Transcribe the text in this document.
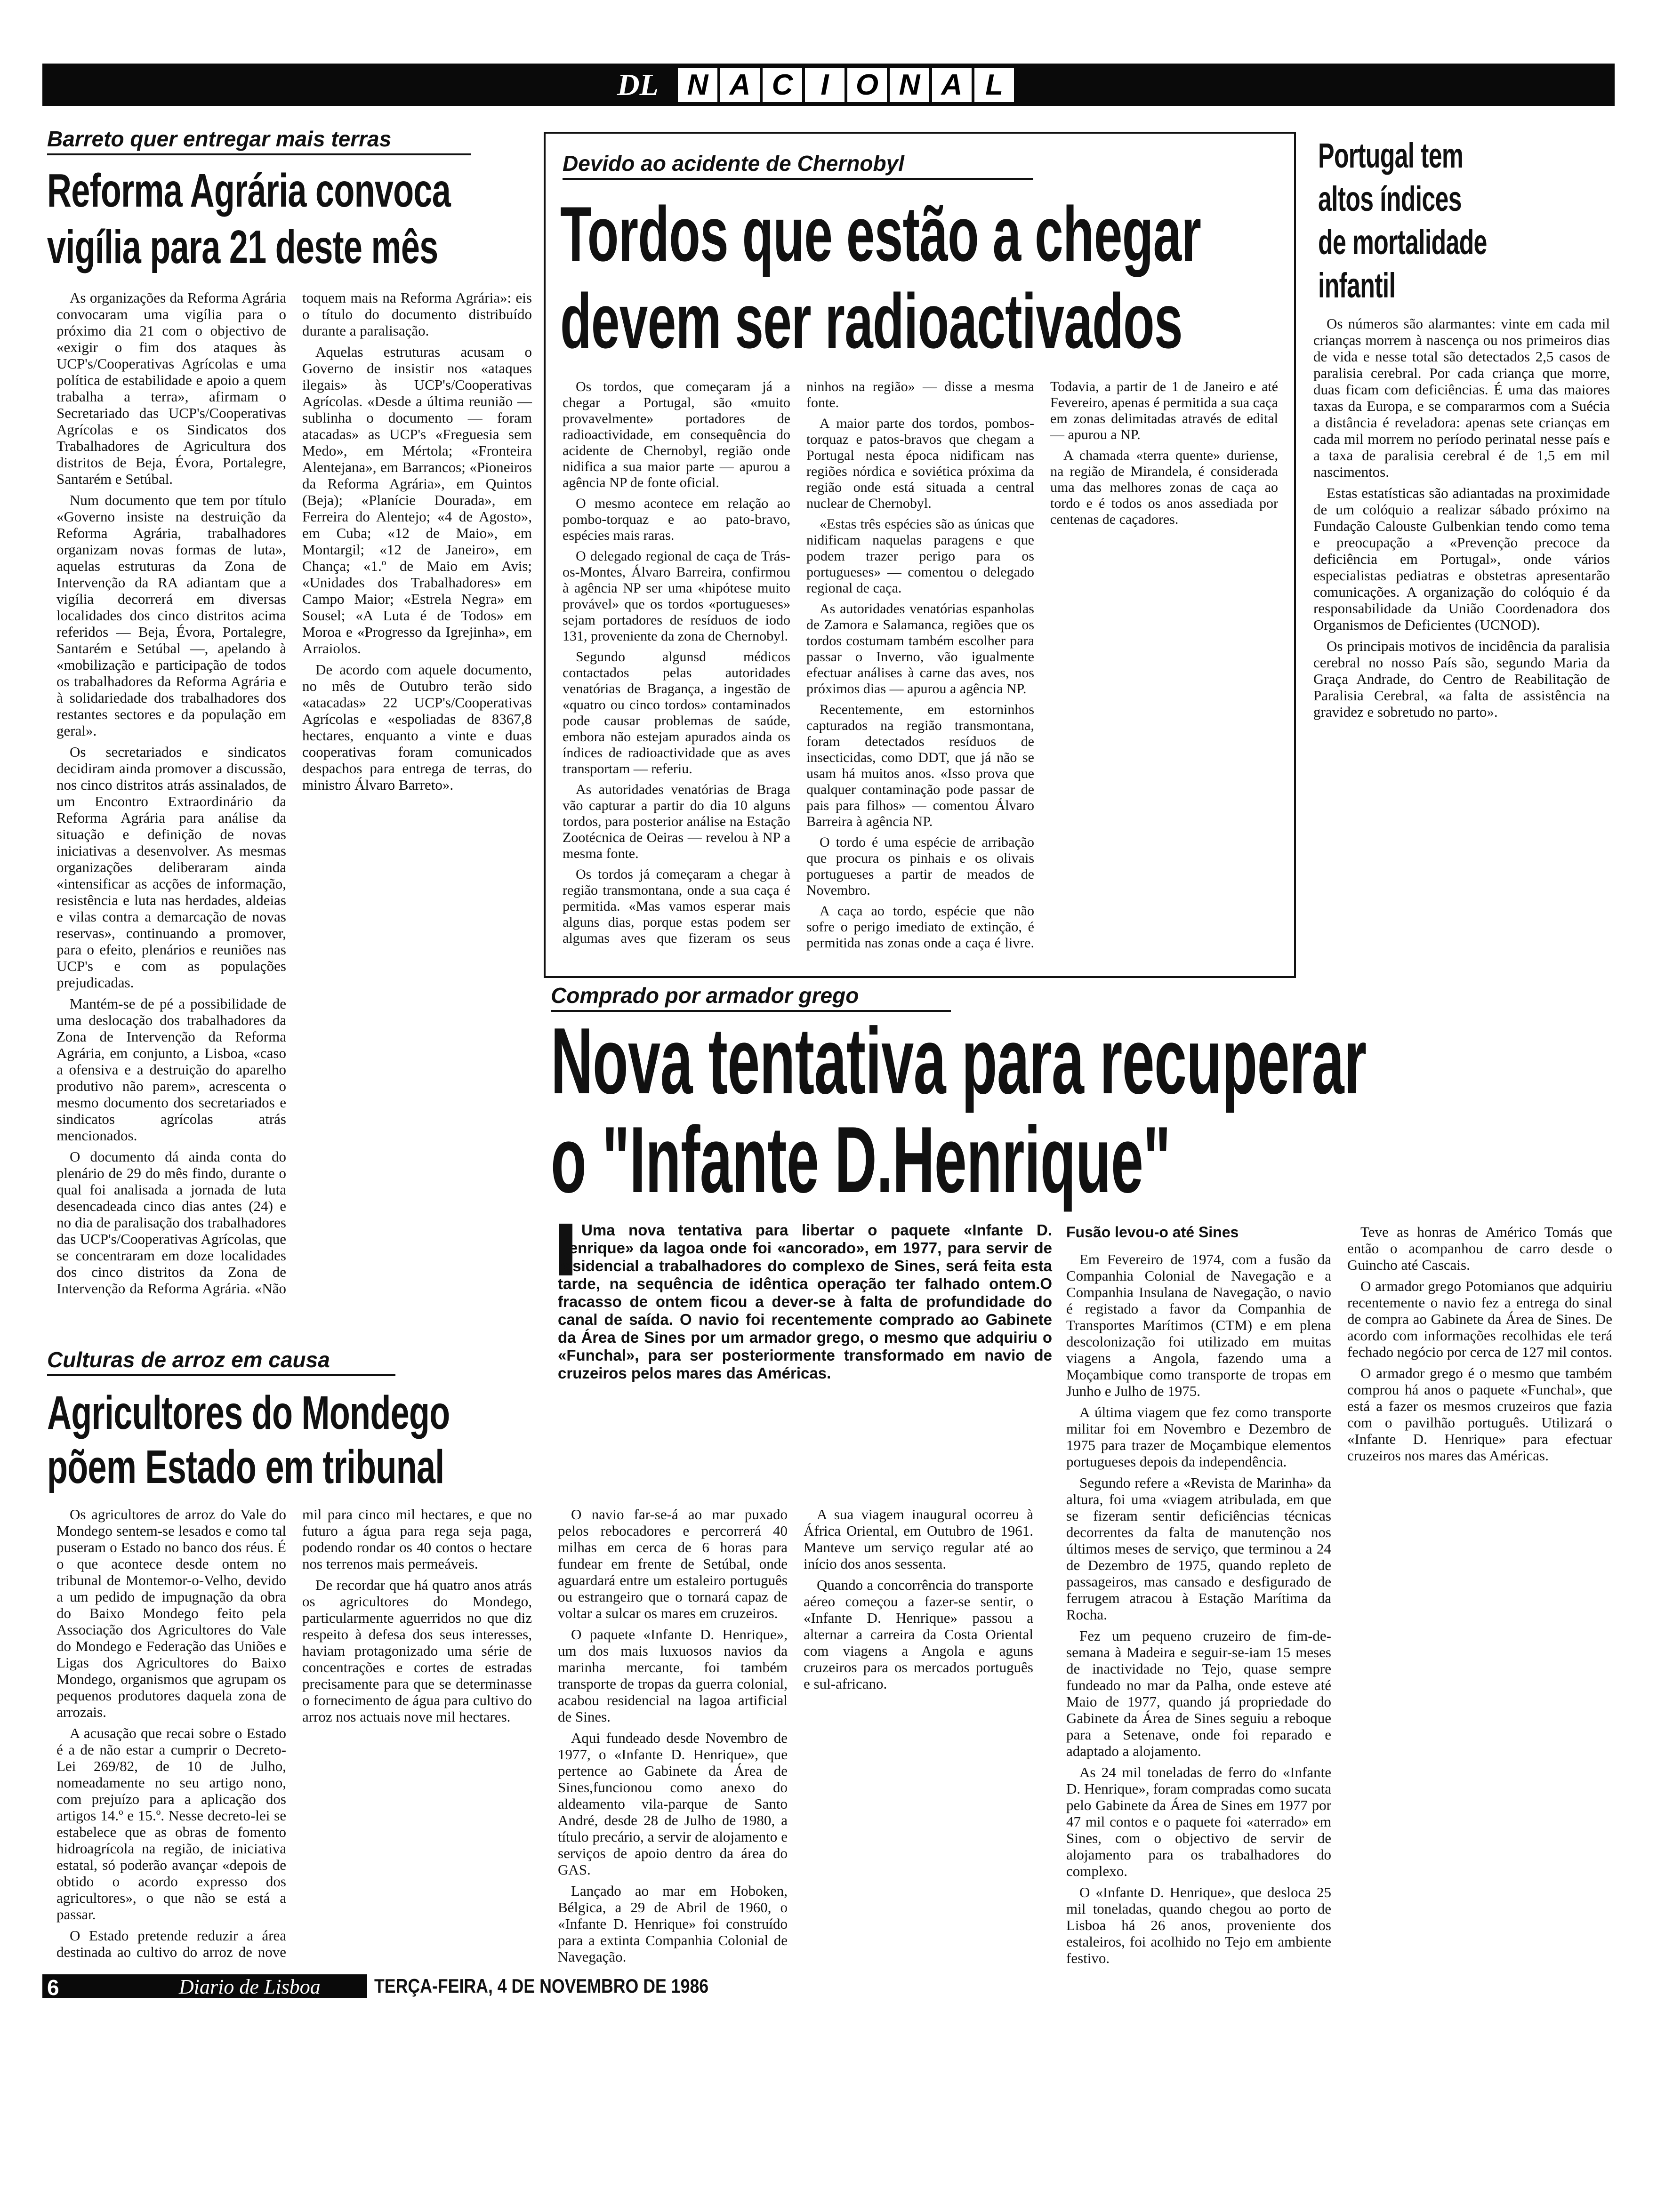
DL N A C I O N A L
Barreto quer entregar mais terras
Reforma Agrária convoca
vigília para 21 deste mês

As organizações da Reforma Agrária convocaram uma vigília para o próximo dia 21 com o objectivo de «exigir o fim dos ataques às UCP's/Cooperativas Agrícolas e uma política de estabilidade e apoio a quem trabalha a terra», afirmam o Secretariado das UCP's/Cooperativas Agrícolas e os Sindicatos dos Trabalhadores de Agricultura dos distritos de Beja, Évora, Portalegre, Santarém e Setúbal.

Num documento que tem por título «Governo insiste na destruição da Reforma Agrária, trabalhadores organizam novas formas de luta», aquelas estruturas da Zona de Intervenção da RA adiantam que a vigília decorrerá em diversas localidades dos cinco distritos acima referidos — Beja, Évora, Portalegre, Santarém e Setúbal —, apelando à «mobilização e participação de todos os trabalhadores da Reforma Agrária e à solidariedade dos trabalhadores dos restantes sectores e da população em geral».

Os secretariados e sindicatos decidiram ainda promover a discussão, nos cinco distritos atrás assinalados, de um Encontro Extraordinário da Reforma Agrária para análise da situação e definição de novas iniciativas a desenvolver. As mesmas organizações deliberaram ainda «intensificar as acções de informação, resistência e luta nas herdades, aldeias e vilas contra a demarcação de novas reservas», continuando a promover, para o efeito, plenários e reuniões nas UCP's e com as populações prejudicadas.

Mantém-se de pé a possibilidade de uma deslocação dos trabalhadores da Zona de Intervenção da Reforma Agrária, em conjunto, a Lisboa, «caso a ofensiva e a destruição do aparelho produtivo não parem», acrescenta o mesmo documento dos secretariados e sindicatos agrícolas atrás mencionados.

O documento dá ainda conta do plenário de 29 do mês findo, durante o qual foi analisada a jornada de luta desencadeada cinco dias antes (24) e no dia de paralisação dos trabalhadores das UCP's/Cooperativas Agrícolas, que se concentraram em doze localidades dos cinco distritos da Zona de Intervenção da Reforma Agrária. «Não toquem mais na Reforma Agrária»: eis o título do documento distribuído durante a paralisação.

Aquelas estruturas acusam o Governo de insistir nos «ataques ilegais» às UCP's/Cooperativas Agrícolas. «Desde a última reunião — sublinha o documento — foram atacadas» as UCP's «Freguesia sem Medo», em Mértola; «Fronteira Alentejana», em Barrancos; «Pioneiros da Reforma Agrária», em Quintos (Beja); «Planície Dourada», em Ferreira do Alentejo; «4 de Agosto», em Cuba; «12 de Maio», em Montargil; «12 de Janeiro», em Chança; «1.º de Maio em Avis; «Unidades dos Trabalhadores» em Campo Maior; «Estrela Negra» em Sousel; «A Luta é de Todos» em Moroa e «Progresso da Igrejinha», em Arraiolos.

De acordo com aquele documento, no mês de Outubro terão sido «atacadas» 22 UCP's/Cooperativas Agrícolas e «espoliadas de 8367,8 hectares, enquanto a vinte e duas cooperativas foram comunicados despachos para entrega de terras, do ministro Álvaro Barreto».

Culturas de arroz em causa
Agricultores do Mondego
põem Estado em tribunal

Os agricultores de arroz do Vale do Mondego sentem-se lesados e como tal puseram o Estado no banco dos réus. É o que acontece desde ontem no tribunal de Montemor-o-Velho, devido a um pedido de impugnação da obra do Baixo Mondego feito pela Associação dos Agricultores do Vale do Mondego e Federação das Uniões e Ligas dos Agricultores do Baixo Mondego, organismos que agrupam os pequenos produtores daquela zona de arrozais.

A acusação que recai sobre o Estado é a de não estar a cumprir o Decreto-Lei 269/82, de 10 de Julho, nomeadamente no seu artigo nono, com prejuízo para a aplicação dos artigos 14.º e 15.º. Nesse decreto-lei se estabelece que as obras de fomento hidroagrícola na região, de iniciativa estatal, só poderão avançar «depois de obtido o acordo expresso dos agricultores», o que não se está a passar.

O Estado pretende reduzir a área destinada ao cultivo do arroz de nove mil para cinco mil hectares, e que no futuro a água para rega seja paga, podendo rondar os 40 contos o hectare nos terrenos mais permeáveis.

De recordar que há quatro anos atrás os agricultores do Mondego, particularmente aguerridos no que diz respeito à defesa dos seus interesses, haviam protagonizado uma série de concentrações e cortes de estradas precisamente para que se determinasse o fornecimento de água para cultivo do arroz nos actuais nove mil hectares.

Devido ao acidente de Chernobyl
Tordos que estão a chegar
devem ser radioactivados

Os tordos, que começaram já a chegar a Portugal, são «muito provavelmente» portadores de radioactividade, em consequência do acidente de Chernobyl, região onde nidifica a sua maior parte — apurou a agência NP de fonte oficial.

O mesmo acontece em relação ao pombo-torquaz e ao pato-bravo, espécies mais raras.

O delegado regional de caça de Trás-os-Montes, Álvaro Barreira, confirmou à agência NP ser uma «hipótese muito provável» que os tordos «portugueses» sejam portadores de resíduos de iodo 131, proveniente da zona de Chernobyl.

Segundo algunsd médicos contactados pelas autoridades venatórias de Bragança, a ingestão de «quatro ou cinco tordos» contaminados pode causar problemas de saúde, embora não estejam apurados ainda os índices de radioactividade que as aves transportam — referiu.

As autoridades venatórias de Braga vão capturar a partir do dia 10 alguns tordos, para posterior análise na Estação Zootécnica de Oeiras — revelou à NP a mesma fonte.

Os tordos já começaram a chegar à região transmontana, onde a sua caça é permitida. «Mas vamos esperar mais alguns dias, porque estas podem ser algumas aves que fizeram os seus ninhos na região» — disse a mesma fonte.

A maior parte dos tordos, pombos-torquaz e patos-bravos que chegam a Portugal nesta época nidificam nas regiões nórdica e soviética próxima da região onde está situada a central nuclear de Chernobyl.

«Estas três espécies são as únicas que nidificam naquelas paragens e que podem trazer perigo para os portugueses» — comentou o delegado regional de caça.

As autoridades venatórias espanholas de Zamora e Salamanca, regiões que os tordos costumam também escolher para passar o Inverno, vão igualmente efectuar análises à carne das aves, nos próximos dias — apurou a agência NP.

Recentemente, em estorninhos capturados na região transmontana, foram detectados resíduos de insecticidas, como DDT, que já não se usam há muitos anos. «Isso prova que qualquer contaminação pode passar de pais para filhos» — comentou Álvaro Barreira à agência NP.

O tordo é uma espécie de arribação que procura os pinhais e os olivais portugueses a partir de meados de Novembro.

A caça ao tordo, espécie que não sofre o perigo imediato de extinção, é permitida nas zonas onde a caça é livre. Todavia, a partir de 1 de Janeiro e até Fevereiro, apenas é permitida a sua caça em zonas delimitadas através de edital — apurou a NP.

A chamada «terra quente» duriense, na região de Mirandela, é considerada uma das melhores zonas de caça ao tordo e é todos os anos assediada por centenas de caçadores.

Portugal tem
altos índices
de mortalidade
infantil

Os números são alarmantes: vinte em cada mil crianças morrem à nascença ou nos primeiros dias de vida e nesse total são detectados 2,5 casos de paralisia cerebral. Por cada criança que morre, duas ficam com deficiências. É uma das maiores taxas da Europa, e se compararmos com a Suécia a distância é reveladora: apenas sete crianças em cada mil morrem no período perinatal nesse país e a taxa de paralisia cerebral é de 1,5 em mil nascimentos.

Estas estatísticas são adiantadas na proximidade de um colóquio a realizar sábado próximo na Fundação Calouste Gulbenkian tendo como tema e preocupação a «Prevenção precoce da deficiência em Portugal», onde vários especialistas pediatras e obstetras apresentarão comunicações. A organização do colóquio é da responsabilidade da União Coordenadora dos Organismos de Deficientes (UCNOD).

Os principais motivos de incidência da paralisia cerebral no nosso País são, segundo Maria da Graça Andrade, do Centro de Reabilitação de Paralisia Cerebral, «a falta de assistência na gravidez e sobretudo no parto».

Comprado por armador grego
Nova tentativa para recuperar
o "Infante D.Henrique"
Uma nova tentativa para libertar o paquete «Infante D. Henrique» da lagoa onde foi «ancorado», em 1977, para servir de residencial a trabalhadores do complexo de Sines, será feita esta tarde, na sequência de idêntica operação ter falhado ontem.O fracasso de ontem ficou a dever-se à falta de profundidade do canal de saída. O navio foi recentemente comprado ao Gabinete da Área de Sines por um armador grego, o mesmo que adquiriu o «Funchal», para ser posteriormente transformado em navio de cruzeiros pelos mares das Américas.

O navio far-se-á ao mar puxado pelos rebocadores e percorrerá 40 milhas em cerca de 6 horas para fundear em frente de Setúbal, onde aguardará entre um estaleiro português ou estrangeiro que o tornará capaz de voltar a sulcar os mares em cruzeiros.

O paquete «Infante D. Henrique», um dos mais luxuosos navios da marinha mercante, foi também transporte de tropas da guerra colonial, acabou residencial na lagoa artificial de Sines.

Aqui fundeado desde Novembro de 1977, o «Infante D. Henrique», que pertence ao Gabinete da Área de Sines,funcionou como anexo do aldeamento vila-parque de Santo André, desde 28 de Julho de 1980, a título precário, a servir de alojamento e serviços de apoio dentro da área do GAS.

Lançado ao mar em Hoboken, Bélgica, a 29 de Abril de 1960, o «Infante D. Henrique» foi construído para a extinta Companhia Colonial de Navegação.

A sua viagem inaugural ocorreu à África Oriental, em Outubro de 1961. Manteve um serviço regular até ao início dos anos sessenta.

Quando a concorrência do transporte aéreo começou a fazer-se sentir, o «Infante D. Henrique» passou a alternar a carreira da Costa Oriental com viagens a Angola e aguns cruzeiros para os mercados português e sul-africano.

Fusão levou-o até Sines

Em Fevereiro de 1974, com a fusão da Companhia Colonial de Navegação e a Companhia Insulana de Navegação, o navio é registado a favor da Companhia de Transportes Marítimos (CTM) e em plena descolonização foi utilizado em muitas viagens a Angola, fazendo uma a Moçambique como transporte de tropas em Junho e Julho de 1975.

A última viagem que fez como transporte militar foi em Novembro e Dezembro de 1975 para trazer de Moçambique elementos portugueses depois da independência.

Segundo refere a «Revista de Marinha» da altura, foi uma «viagem atribulada, em que se fizeram sentir deficiências técnicas decorrentes da falta de manutenção nos últimos meses de serviço, que terminou a 24 de Dezembro de 1975, quando repleto de passageiros, mas cansado e desfigurado de ferrugem atracou à Estação Marítima da Rocha.

Fez um pequeno cruzeiro de fim-de-semana à Madeira e seguir-se-iam 15 meses de inactividade no Tejo, quase sempre fundeado no mar da Palha, onde esteve até Maio de 1977, quando já propriedade do Gabinete da Área de Sines seguiu a reboque para a Setenave, onde foi reparado e adaptado a alojamento.

As 24 mil toneladas de ferro do «Infante D. Henrique», foram compradas como sucata pelo Gabinete da Área de Sines em 1977 por 47 mil contos e o paquete foi «aterrado» em Sines, com o objectivo de servir de alojamento para os trabalhadores do complexo.

O «Infante D. Henrique», que desloca 25 mil toneladas, quando chegou ao porto de Lisboa há 26 anos, proveniente dos estaleiros, foi acolhido no Tejo em ambiente festivo.

Teve as honras de Américo Tomás que então o acompanhou de carro desde o Guincho até Cascais.

O armador grego Potomianos que adquiriu recentemente o navio fez a entrega do sinal de compra ao Gabinete da Área de Sines. De acordo com informações recolhidas ele terá fechado negócio por cerca de 127 mil contos.

O armador grego é o mesmo que também comprou há anos o paquete «Funchal», que está a fazer os mesmos cruzeiros que fazia com o pavilhão português. Utilizará o «Infante D. Henrique» para efectuar cruzeiros nos mares das Américas.

6	Diario de Lisboa	TERÇA-FEIRA, 4 DE NOVEMBRO DE 1986
